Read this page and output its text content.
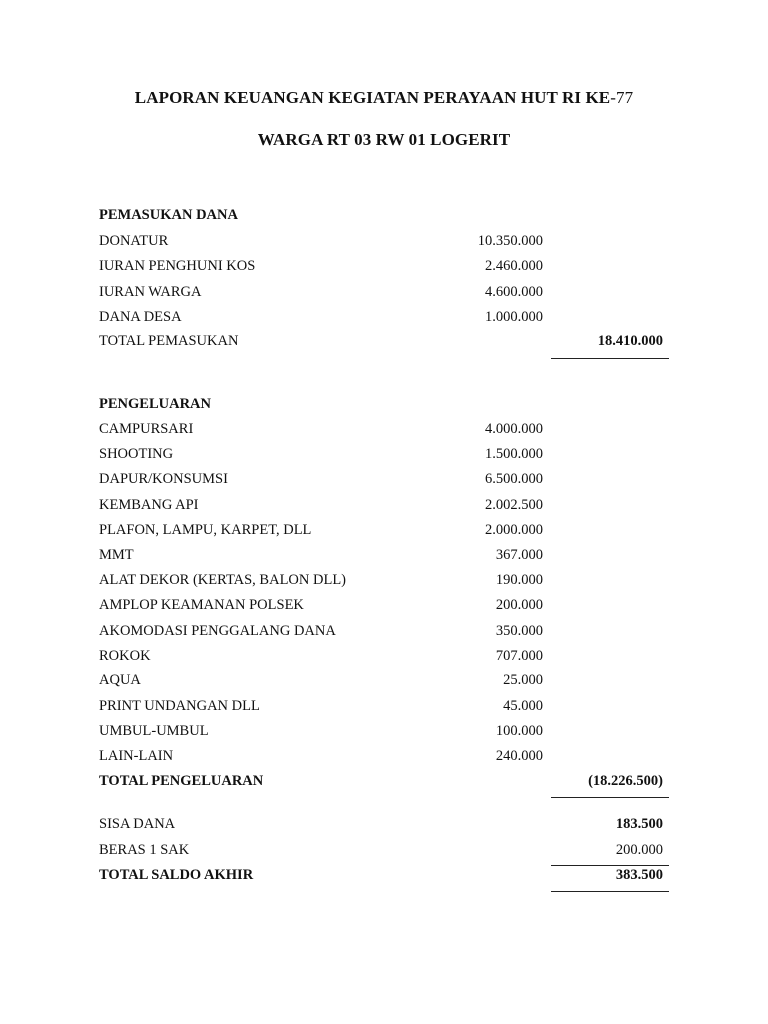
LAPORAN KEUANGAN KEGIATAN PERAYAAN HUT RI KE-77
WARGA RT 03 RW 01 LOGERIT
PEMASUKAN DANA
DONATUR	10.350.000
IURAN PENGHUNI KOS	2.460.000
IURAN WARGA	4.600.000
DANA DESA	1.000.000
TOTAL PEMASUKAN	18.410.000
PENGELUARAN
CAMPURSARI	4.000.000
SHOOTING	1.500.000
DAPUR/KONSUMSI	6.500.000
KEMBANG API	2.002.500
PLAFON, LAMPU, KARPET, DLL	2.000.000
MMT	367.000
ALAT DEKOR (KERTAS, BALON DLL)	190.000
AMPLOP KEAMANAN POLSEK	200.000
AKOMODASI PENGGALANG DANA	350.000
ROKOK	707.000
AQUA	25.000
PRINT UNDANGAN DLL	45.000
UMBUL-UMBUL	100.000
LAIN-LAIN	240.000
TOTAL PENGELUARAN	(18.226.500)
SISA DANA	183.500
BERAS 1 SAK	200.000
TOTAL SALDO AKHIR	383.500
